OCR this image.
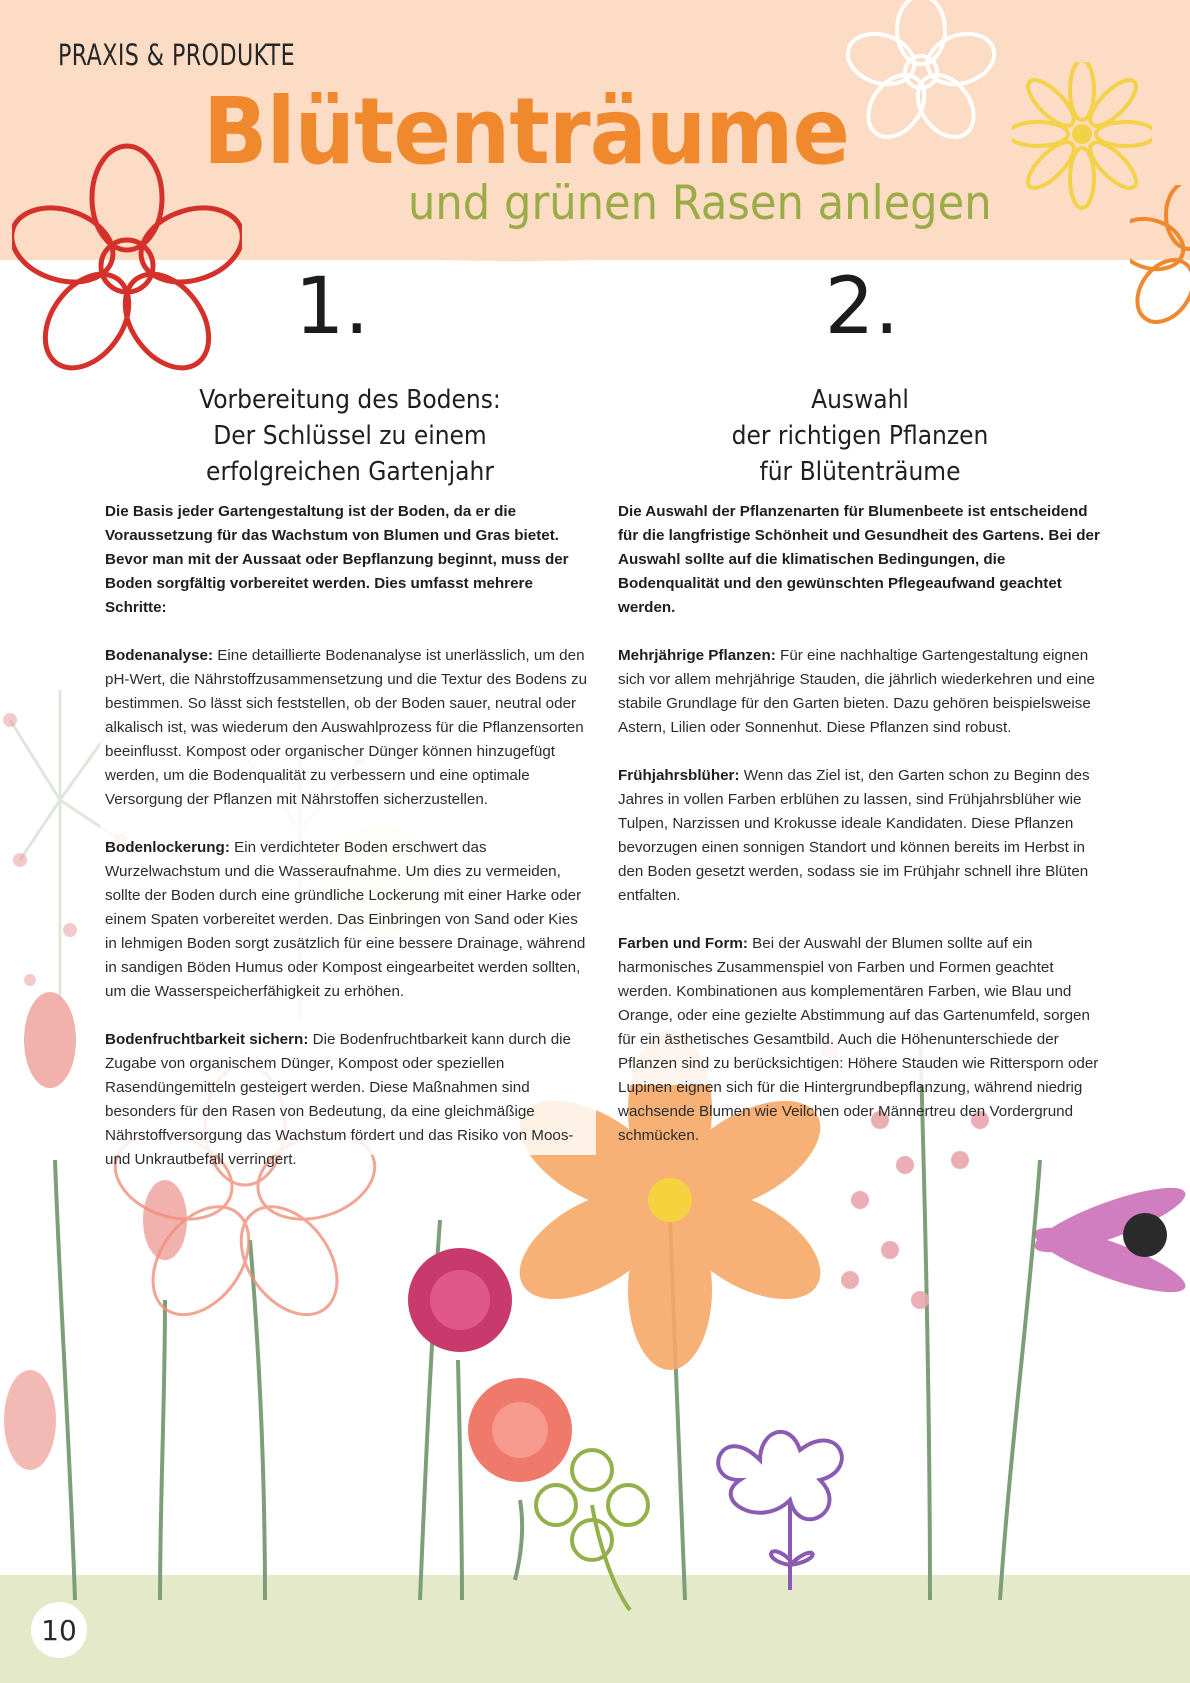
PRAXIS & PRODUKTE
Blütenträume
und grünen Rasen anlegen
1.
Vorbereitung des Bodens:
Der Schlüssel zu einem
erfolgreichen Gartenjahr

Die Basis jeder Gartengestaltung ist der Boden, da er die Voraussetzung für das Wachstum von Blumen und Gras bietet. Bevor man mit der Aussaat oder Bepflanzung beginnt, muss der Boden sorgfältig vorbereitet werden. Dies umfasst mehrere Schritte:

Bodenanalyse: Eine detaillierte Bodenanalyse ist unerlässlich, um den pH-Wert, die Nährstoffzusammensetzung und die Textur des Bodens zu bestimmen. So lässt sich feststellen, ob der Boden sauer, neutral oder alkalisch ist, was wiederum den Auswahlprozess für die Pflanzensorten beeinflusst. Kompost oder organischer Dünger können hinzugefügt werden, um die Bodenqualität zu verbessern und eine optimale Versorgung der Pflanzen mit Nährstoffen sicherzustellen.

Bodenlockerung: Ein verdichteter Boden erschwert das Wurzelwachstum und die Wasseraufnahme. Um dies zu vermeiden, sollte der Boden durch eine gründliche Lockerung mit einer Harke oder einem Spaten vorbereitet werden. Das Einbringen von Sand oder Kies in lehmigen Boden sorgt zusätzlich für eine bessere Drainage, während in sandigen Böden Humus oder Kompost eingearbeitet werden sollten, um die Wasserspeicherfähigkeit zu erhöhen.

Bodenfruchtbarkeit sichern: Die Bodenfruchtbarkeit kann durch die Zugabe von organischem Dünger, Kompost oder speziellen Rasendüngemitteln gesteigert werden. Diese Maßnahmen sind besonders für den Rasen von Bedeutung, da eine gleichmäßige Nährstoffversorgung das Wachstum fördert und das Risiko von Moos- und Unkrautbefall verringert.

2.
Auswahl
der richtigen Pflanzen
für Blütenträume

Die Auswahl der Pflanzenarten für Blumenbeete ist entscheidend für die langfristige Schönheit und Gesundheit des Gartens. Bei der Auswahl sollte auf die klimatischen Bedingungen, die Bodenqualität und den gewünschten Pflegeaufwand geachtet werden.

Mehrjährige Pflanzen: Für eine nachhaltige Gartengestaltung eignen sich vor allem mehrjährige Stauden, die jährlich wiederkehren und eine stabile Grundlage für den Garten bieten. Dazu gehören beispielsweise Astern, Lilien oder Sonnenhut. Diese Pflanzen sind robust.

Frühjahrsblüher: Wenn das Ziel ist, den Garten schon zu Beginn des Jahres in vollen Farben erblühen zu lassen, sind Frühjahrsblüher wie Tulpen, Narzissen und Krokusse ideale Kandidaten. Diese Pflanzen bevorzugen einen sonnigen Standort und können bereits im Herbst in den Boden gesetzt werden, sodass sie im Frühjahr schnell ihre Blüten entfalten.

Farben und Form: Bei der Auswahl der Blumen sollte auf ein harmonisches Zusammenspiel von Farben und Formen geachtet werden. Kombinationen aus komplementären Farben, wie Blau und Orange, oder eine gezielte Abstimmung auf das Gartenumfeld, sorgen für ein ästhetisches Gesamtbild. Auch die Höhenunterschiede der Pflanzen sind zu berücksichtigen: Höhere Stauden wie Rittersporn oder Lupinen eignen sich für die Hintergrundbepflanzung, während niedrig wachsende Blumen wie Veilchen oder Männertreu den Vordergrund schmücken.

10
